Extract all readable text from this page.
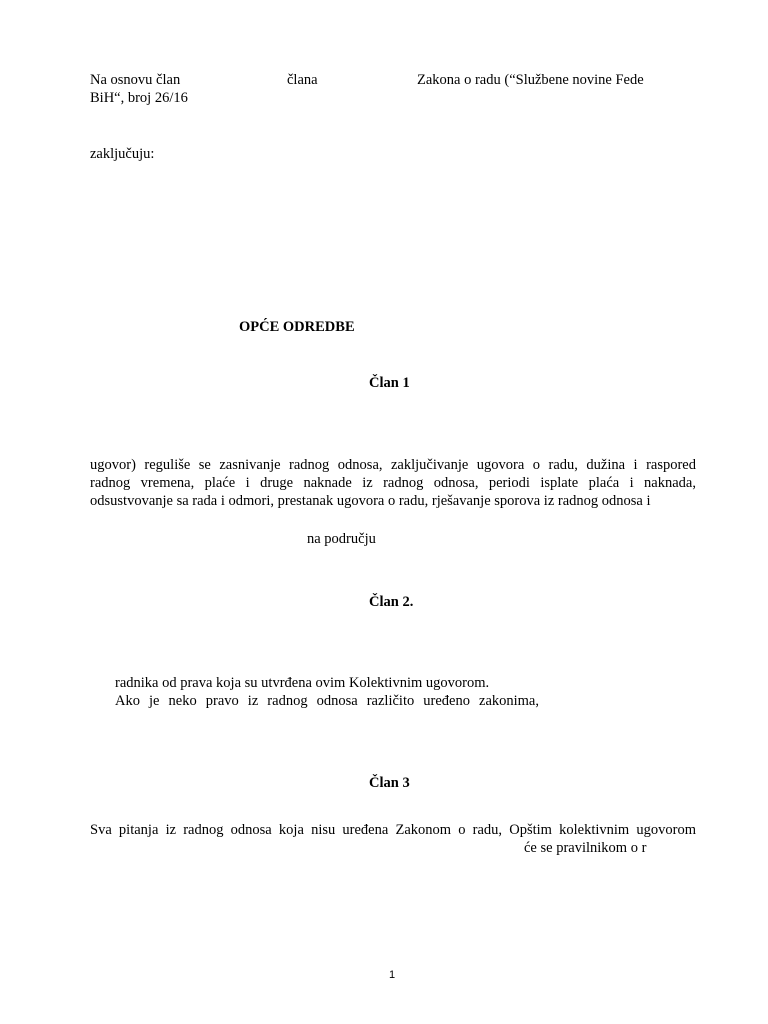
Na osnovu član	člana	Zakona o radu (“Službene novine Fede
BiH“, broj 26/16
zaključuju:
OPĆE ODREDBE
Član 1
ugovor) reguliše se zasnivanje radnog odnosa, zaključivanje ugovora o radu, dužina i raspored
radnog vremena, plaće i druge naknade iz radnog odnosa, periodi isplate plaća i naknada,
odsustvovanje sa rada i odmori, prestanak ugovora o radu, rješavanje sporova iz radnog odnosa i
na području
Član 2.
radnika od prava koja su utvrđena ovim Kolektivnim ugovorom.
Ako je neko pravo iz radnog odnosa različito uređeno zakonima,
Član 3
Sva pitanja iz radnog odnosa koja nisu uređena Zakonom o radu, Opštim kolektivnim ugovorom
će se pravilnikom o r
1
